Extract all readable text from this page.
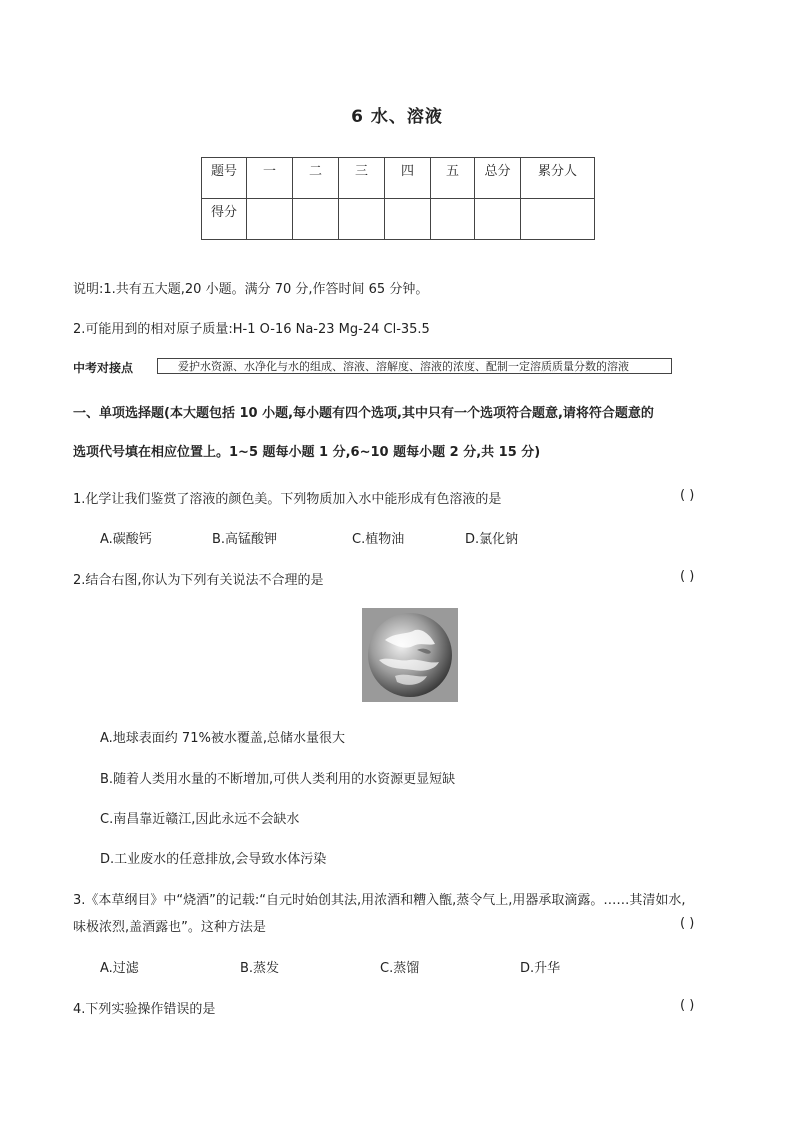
6 水、溶液
题号	一	二	三	四	五	总分	累分人
得分							
说明:1.共有五大题,20 小题。满分 70 分,作答时间 65 分钟。
2.可能用到的相对原子质量:H-1 O-16 Na-23 Mg-24 Cl-35.5
中考对接点	爱护水资源、水净化与水的组成、溶液、溶解度、溶液的浓度、配制一定溶质质量分数的溶液
一、单项选择题(本大题包括 10 小题,每小题有四个选项,其中只有一个选项符合题意,请将符合题意的
选项代号填在相应位置上。1~5 题每小题 1 分,6~10 题每小题 2 分,共 15 分)
1.化学让我们鉴赏了溶液的颜色美。下列物质加入水中能形成有色溶液的是	( )
A.碳酸钙	B.高锰酸钾	C.植物油	D.氯化钠
2.结合右图,你认为下列有关说法不合理的是	( )
A.地球表面约 71%被水覆盖,总储水量很大
B.随着人类用水量的不断增加,可供人类利用的水资源更显短缺
C.南昌靠近赣江,因此永远不会缺水
D.工业废水的任意排放,会导致水体污染
3.《本草纲目》中“烧酒”的记载:“自元时始创其法,用浓酒和糟入甑,蒸令气上,用器承取滴露。……其清如水,
味极浓烈,盖酒露也”。这种方法是	( )
A.过滤	B.蒸发	C.蒸馏	D.升华
4.下列实验操作错误的是	( )
